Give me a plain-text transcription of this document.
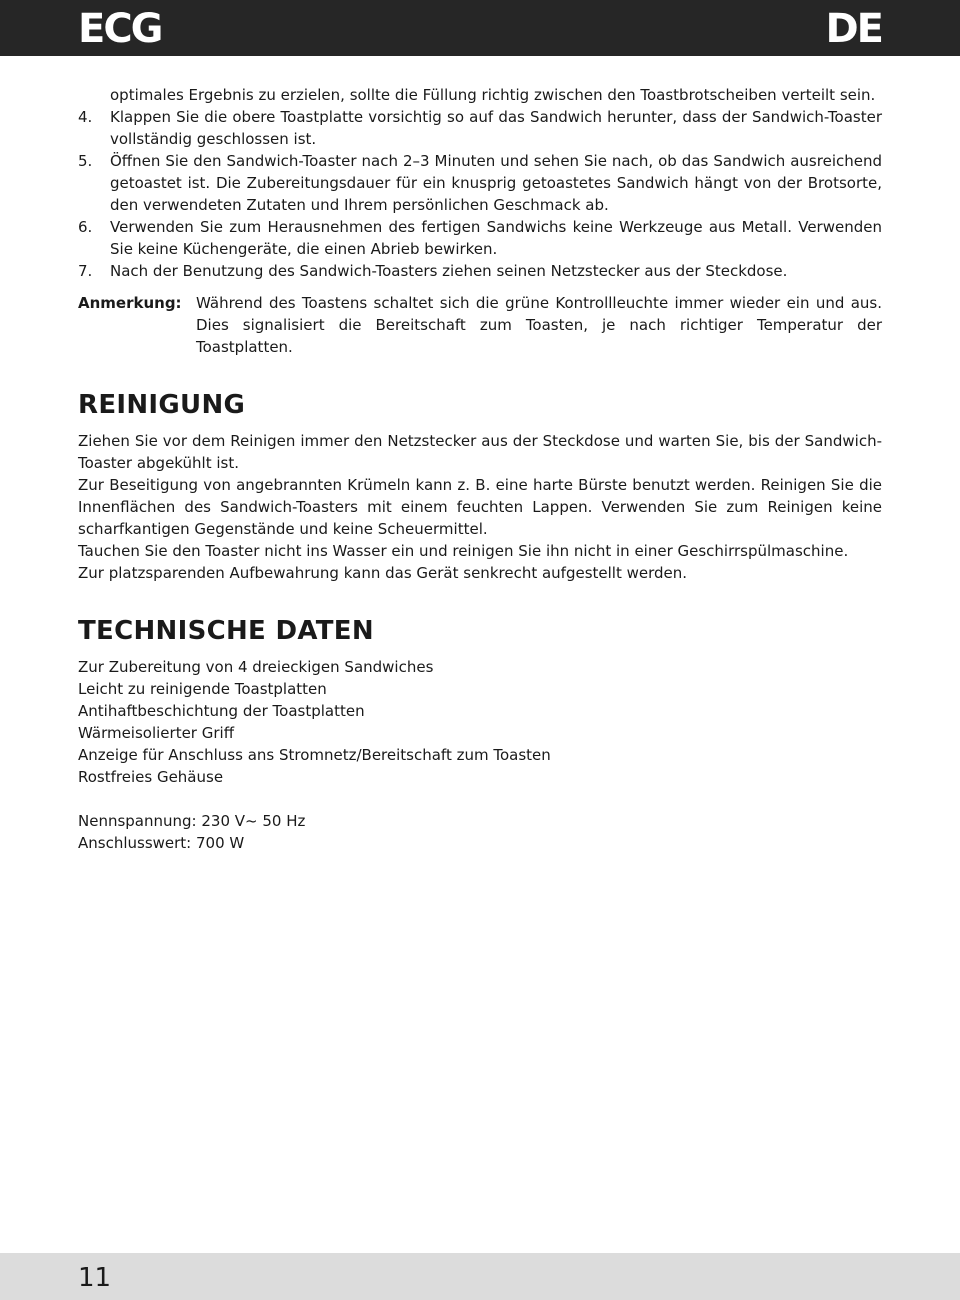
ECG	DE
optimales Ergebnis zu erzielen, sollte die Füllung richtig zwischen den Toastbrotscheiben verteilt sein.
4. Klappen Sie die obere Toastplatte vorsichtig so auf das Sandwich herunter, dass der Sandwich-Toaster vollständig geschlossen ist.
5. Öffnen Sie den Sandwich-Toaster nach 2–3 Minuten und sehen Sie nach, ob das Sandwich ausreichend getoastet ist. Die Zubereitungsdauer für ein knusprig getoastetes Sandwich hängt von der Brotsorte, den verwendeten Zutaten und Ihrem persönlichen Geschmack ab.
6. Verwenden Sie zum Herausnehmen des fertigen Sandwichs keine Werkzeuge aus Metall. Verwenden Sie keine Küchengeräte, die einen Abrieb bewirken.
7. Nach der Benutzung des Sandwich-Toasters ziehen seinen Netzstecker aus der Steckdose.
Anmerkung: Während des Toastens schaltet sich die grüne Kontrollleuchte immer wieder ein und aus. Dies signalisiert die Bereitschaft zum Toasten, je nach richtiger Temperatur der Toastplatten.
REINIGUNG

Ziehen Sie vor dem Reinigen immer den Netzstecker aus der Steckdose und warten Sie, bis der Sandwich-Toaster abgekühlt ist.

Zur Beseitigung von angebrannten Krümeln kann z. B. eine harte Bürste benutzt werden. Reinigen Sie die Innenflächen des Sandwich-Toasters mit einem feuchten Lappen. Verwenden Sie zum Reinigen keine scharfkantigen Gegenstände und keine Scheuermittel.

Tauchen Sie den Toaster nicht ins Wasser ein und reinigen Sie ihn nicht in einer Geschirrspülmaschine.

Zur platzsparenden Aufbewahrung kann das Gerät senkrecht aufgestellt werden.

TECHNISCHE DATEN

Zur Zubereitung von 4 dreieckigen Sandwiches

Leicht zu reinigende Toastplatten

Antihaftbeschichtung der Toastplatten

Wärmeisolierter Griff

Anzeige für Anschluss ans Stromnetz/Bereitschaft zum Toasten

Rostfreies Gehäuse

Nennspannung: 230 V~ 50 Hz

Anschlusswert: 700 W

11
